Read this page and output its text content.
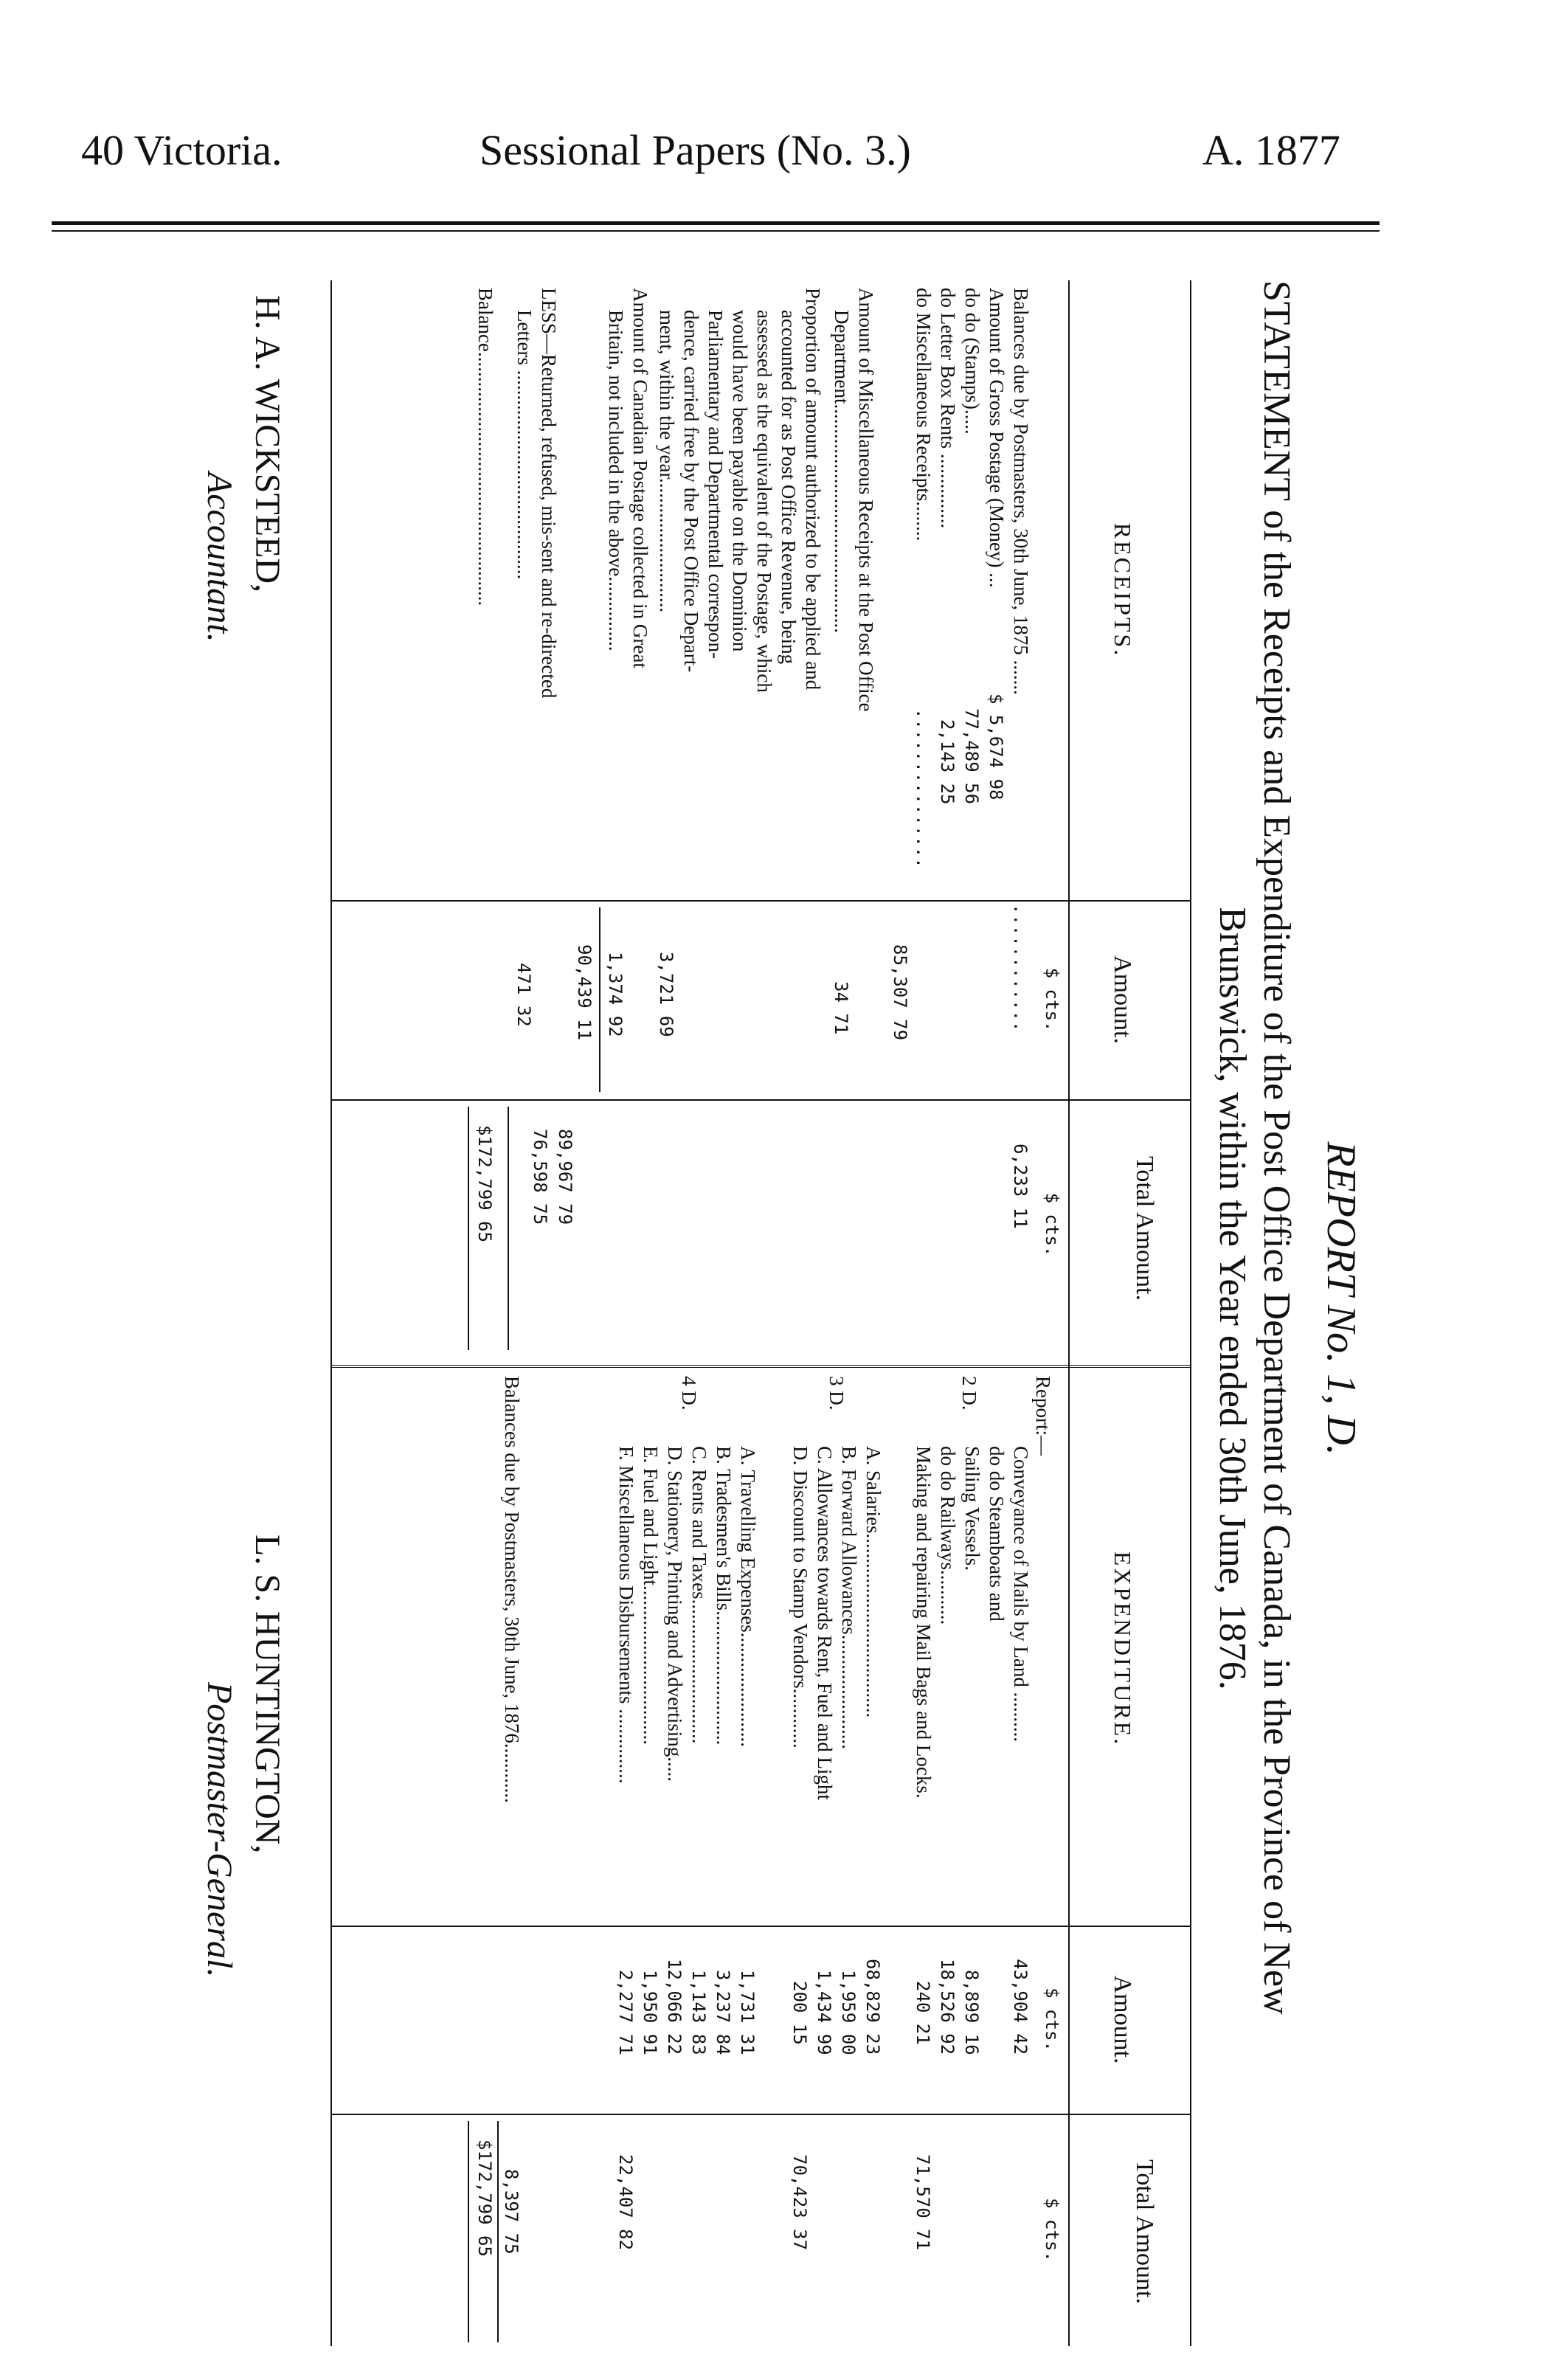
40 Victoria.	Sessional Papers (No. 3.)	A. 1877
REPORT No. 1, D.
STATEMENT of the Receipts and Expenditure of the Post Office Department of Canada, in the Province of New
Brunswick, within the Year ended 30th June, 1876.
RECEIPTS.
Amount.
Total Amount.
EXPENDITURE.
Amount.
Total Amount.
$ cts.
$ cts.
$ cts.
$ cts.
Balances due by Postmasters, 30th June, 1875 .......
Amount of Gross Postage (Money) ...
do do (Stamps).....
do Letter Box Rents ...............
do Miscellaneous Receipts........
$ 5,674 98
77,489 56
2,143 25
...............
............
6,233 11
85,307 79
Amount of Miscellaneous Receipts at the Post Office
Department..............................................
34 71
Proportion of amount authorized to be applied and
accounted for as Post Office Revenue, being
assessed as the equivalent of the Postage, which
would have been payable on the Dominion
Parliamentary and Departmental correspon-
dence, carried free by the Post Office Depart-
ment, within the year...........................
3,721 69
Amount of Canadian Postage collected in Great
Britain, not included in the above...............
1,374 92
90,439 11
LESS—Returned, refused, mis-sent and re-directed
Letters ..........................................
471 32
89,967 79
76,598 75
Balance...................................................
$172,799 65
Report:—
2 D.
Conveyance of Mails by Land ..........
do do Steamboats and
Sailing Vessels.
do do Railways...........
Making and repairing Mail Bags and Locks.
43,904 42
8,899 16
18,526 92
240 21
71,570 71
3 D.
A. Salaries.....................................
B. Forward Allowances.......................
C. Allowances towards Rent, Fuel and Light
D. Discount to Stamp Vendors............
68,829 23
1,959 00
1,434 99
200 15
70,423 37
4 D.
A. Travelling Expenses.......................
B. Tradesmen's Bills...........................
C. Rents and Taxes.............................
D. Stationery, Printing and Advertising.....
E. Fuel and Light................................
F. Miscellaneous Disbursements ...............
1,731 31
3,237 84
1,143 83
12,066 22
1,950 91
2,277 71
22,407 82
Balances due by Postmasters, 30th June, 1876............
8,397 75
$172,799 65
H. A. WICKSTEED,
Accountant.
L. S. HUNTINGTON,
Postmaster-General.
